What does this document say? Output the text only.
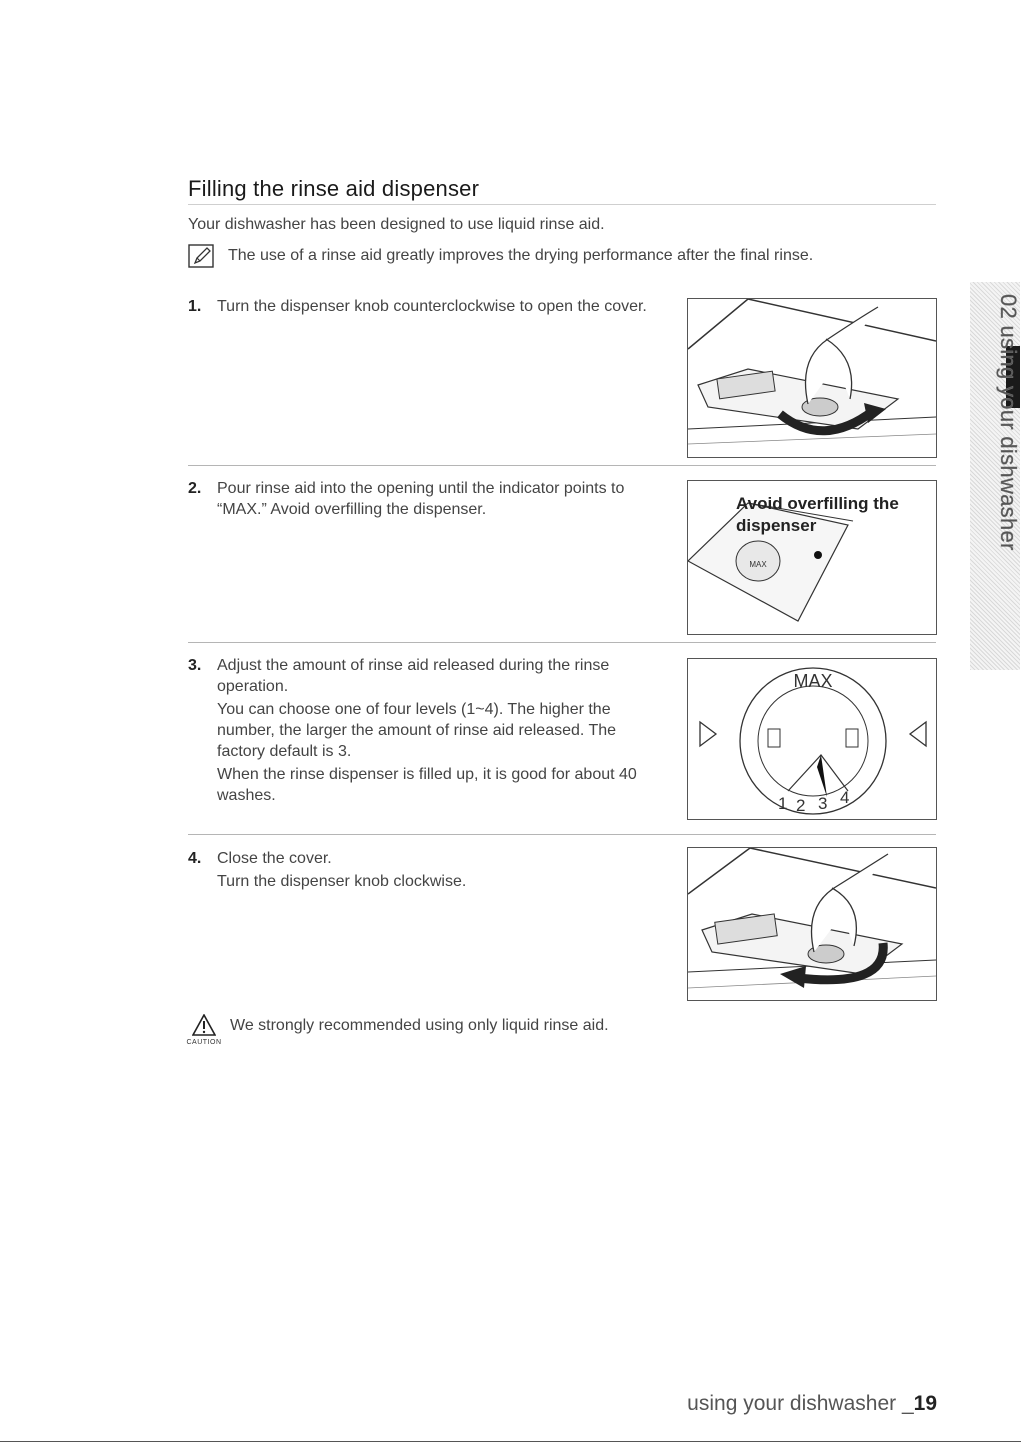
Filling the rinse aid dispenser
Your dishwasher has been designed to use liquid rinse aid.
The use of a rinse aid greatly improves the drying performance after the final rinse.
1. Turn the dispenser knob counterclockwise to open the cover.

2. Pour rinse aid into the opening until the indicator points to “MAX.” Avoid overfilling the dispenser.

MAX
Avoid overfilling the
dispenser
3. Adjust the amount of rinse aid released during the rinse operation.

You can choose one of four levels (1~4). The higher the number, the larger the amount of rinse aid released. The factory default is 3.

When the rinse dispenser is filled up, it is good for about 40 washes.

MAX
1 2 3 4
4. Close the cover.

Turn the dispenser knob clockwise.

CAUTION
We strongly recommended using only liquid rinse aid.
02 using your dishwasher
using your dishwasher _19
